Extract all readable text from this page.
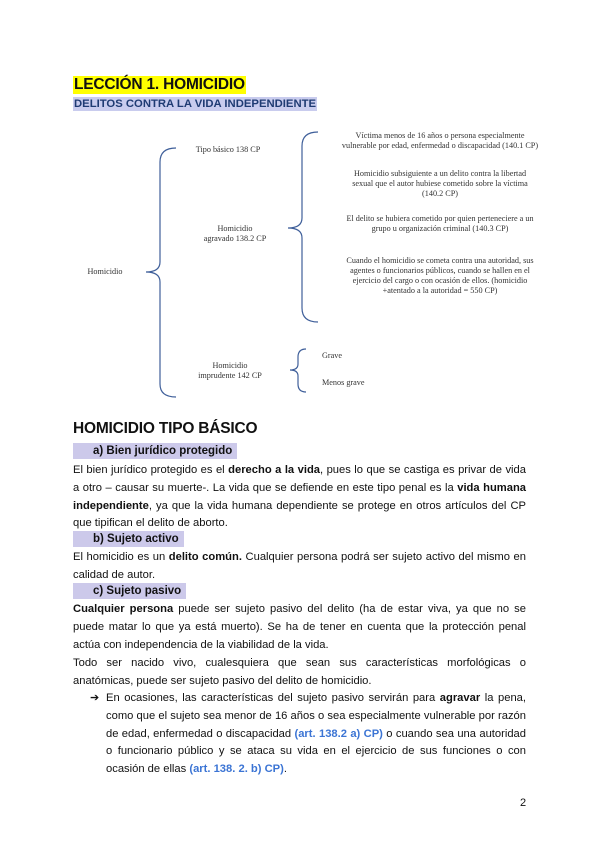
LECCIÓN 1. HOMICIDIO
DELITOS CONTRA LA VIDA INDEPENDIENTE
Homicidio
Tipo básico 138 CP
Homicidio
agravado 138.2 CP
Homicidio
imprudente 142 CP
Víctima menos de 16 años o persona especialmente
vulnerable por edad, enfermedad o discapacidad (140.1 CP)
Homicidio subsiguiente a un delito contra la libertad
sexual que el autor hubiese cometido sobre la víctima
(140.2 CP)
El delito se hubiera cometido por quien perteneciere a un
grupo u organización criminal (140.3 CP)
Cuando el homicidio se cometa contra una autoridad, sus
agentes o funcionarios públicos, cuando se hallen en el
ejercicio del cargo o con ocasión de ellos. (homicidio
+atentado a la autoridad = 550 CP)
Grave
Menos grave
HOMICIDIO TIPO BÁSICO
a) Bien jurídico protegido
El bien jurídico protegido es el derecho a la vida, pues lo que se castiga es privar de vida a otro – causar su muerte-. La vida que se defiende en este tipo penal es la vida humana independiente, ya que la vida humana dependiente se protege en otros artículos del CP que tipifican el delito de aborto.
b) Sujeto activo
El homicidio es un delito común. Cualquier persona podrá ser sujeto activo del mismo en calidad de autor.
c) Sujeto pasivo
Cualquier persona puede ser sujeto pasivo del delito (ha de estar viva, ya que no se puede matar lo que ya está muerto). Se ha de tener en cuenta que la protección penal actúa con independencia de la viabilidad de la vida.
Todo ser nacido vivo, cualesquiera que sean sus características morfológicas o anatómicas, puede ser sujeto pasivo del delito de homicidio.
➔ En ocasiones, las características del sujeto pasivo servirán para agravar la pena, como que el sujeto sea menor de 16 años o sea especialmente vulnerable por razón de edad, enfermedad o discapacidad (art. 138.2 a) CP) o cuando sea una autoridad o funcionario público y se ataca su vida en el ejercicio de sus funciones o con ocasión de ellas (art. 138. 2. b) CP).
2
